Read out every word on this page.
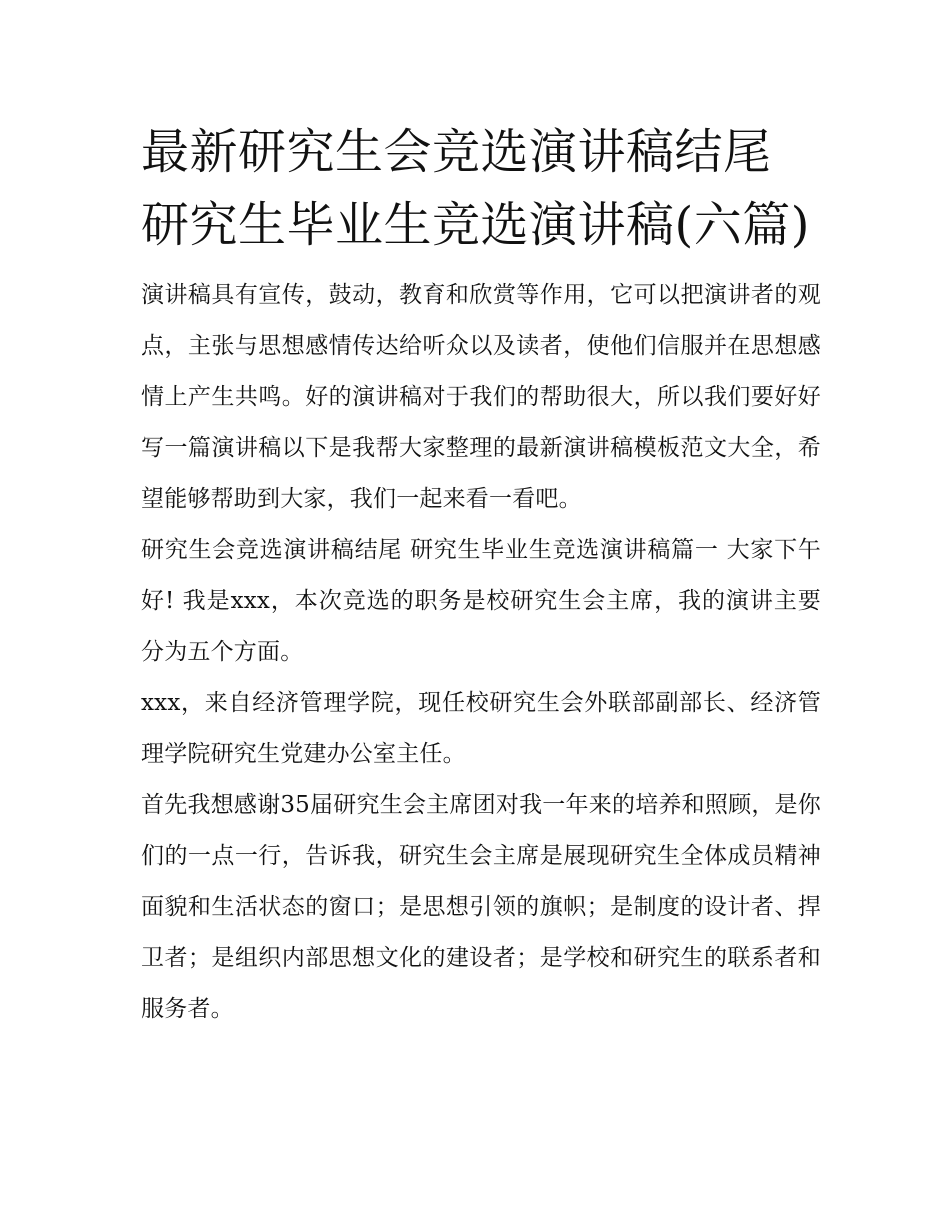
最新研究生会竞选演讲稿结尾 研究生毕业生竞选演讲稿(六篇)

演讲稿具有宣传，鼓动，教育和欣赏等作用，它可以把演讲者的观点，主张与思想感情传达给听众以及读者，使他们信服并在思想感情上产生共鸣。好的演讲稿对于我们的帮助很大，所以我们要好好写一篇演讲稿以下是我帮大家整理的最新演讲稿模板范文大全，希望能够帮助到大家，我们一起来看一看吧。

研究生会竞选演讲稿结尾 研究生毕业生竞选演讲稿篇一 大家下午好! 我是xxx，本次竞选的职务是校研究生会主席，我的演讲主要分为五个方面。

xxx，来自经济管理学院，现任校研究生会外联部副部长、经济管理学院研究生党建办公室主任。

首先我想感谢35届研究生会主席团对我一年来的培养和照顾，是你们的一点一行，告诉我，研究生会主席是展现研究生全体成员精神面貌和生活状态的窗口；是思想引领的旗帜；是制度的设计者、捍卫者；是组织内部思想文化的建设者；是学校和研究生的联系者和服务者。
